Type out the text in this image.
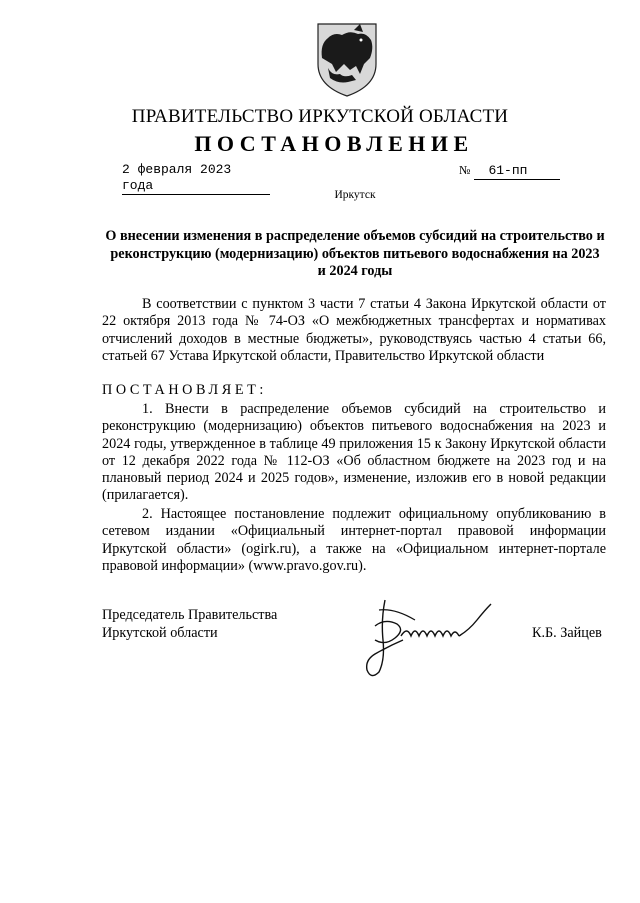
ПРАВИТЕЛЬСТВО ИРКУТСКОЙ ОБЛАСТИ
ПОСТАНОВЛЕНИЕ
2 февраля 2023 года
№ 61-пп
Иркутск
О внесении изменения в распределение объемов субсидий на строительство и реконструкцию (модернизацию) объектов питьевого водоснабжения на 2023 и 2024 годы
В соответствии с пунктом 3 части 7 статьи 4 Закона Иркутской области от 22 октября 2013 года № 74-ОЗ «О межбюджетных трансфертах и нормативах отчислений доходов в местные бюджеты», руководствуясь частью 4 статьи 66, статьей 67 Устава Иркутской области, Правительство Иркутской области
ПОСТАНОВЛЯЕТ:
1. Внести в распределение объемов субсидий на строительство и реконструкцию (модернизацию) объектов питьевого водоснабжения на 2023 и 2024 годы, утвержденное в таблице 49 приложения 15 к Закону Иркутской области от 12 декабря 2022 года № 112-ОЗ «Об областном бюджете на 2023 год и на плановый период 2024 и 2025 годов», изменение, изложив его в новой редакции (прилагается).
2. Настоящее постановление подлежит официальному опубликованию в сетевом издании «Официальный интернет-портал правовой информации Иркутской области» (ogirk.ru), а также на «Официальном интернет-портале правовой информации» (www.pravo.gov.ru).
Председатель Правительства
Иркутской области	К.Б. Зайцев
